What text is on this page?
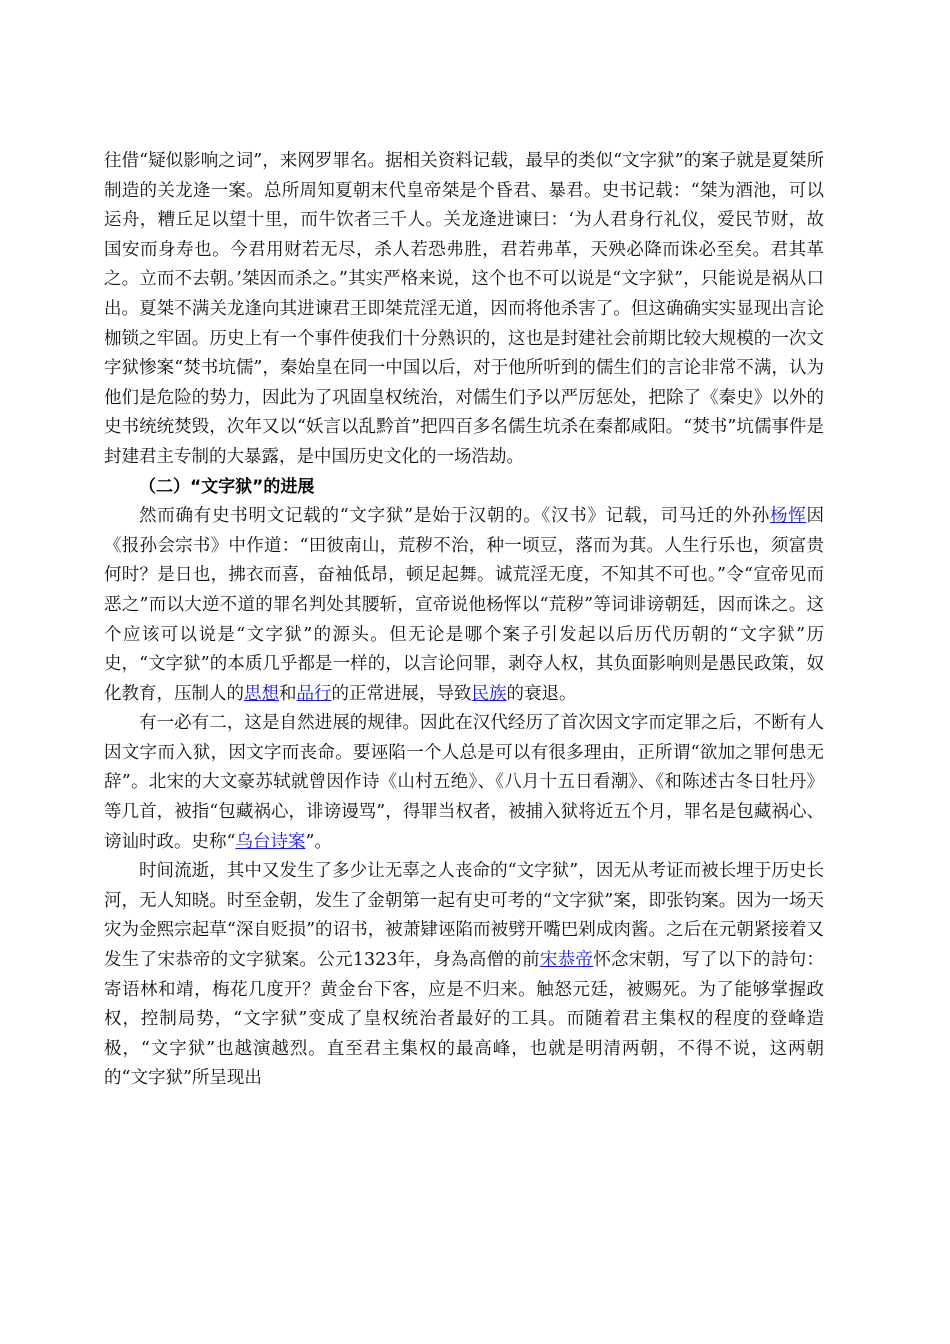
往借“疑似影响之词”，来网罗罪名。据相关资料记载，最早的类似“文字狱”的案子就是夏桀所制造的关龙逄一案。总所周知夏朝末代皇帝桀是个昏君、暴君。史书记载：“桀为酒池，可以运舟，糟丘足以望十里，而牛饮者三千人。关龙逄进谏曰：‘为人君身行礼仪，爱民节财，故国安而身寿也。今君用财若无尽，杀人若恐弗胜，君若弗革，天殃必降而诛必至矣。君其革之。立而不去朝。’桀因而杀之。”其实严格来说，这个也不可以说是“文字狱”，只能说是祸从口出。夏桀不满关龙逢向其进谏君王即桀荒淫无道，因而将他杀害了。但这确确实实显现出言论枷锁之牢固。历史上有一个事件使我们十分熟识的，这也是封建社会前期比较大规模的一次文字狱惨案“焚书坑儒”，秦始皇在同一中国以后，对于他所听到的儒生们的言论非常不满，认为他们是危险的势力，因此为了巩固皇权统治，对儒生们予以严厉惩处，把除了《秦史》以外的史书统统焚毁，次年又以“妖言以乱黔首”把四百多名儒生坑杀在秦都咸阳。“焚书”坑儒事件是封建君主专制的大暴露，是中国历史文化的一场浩劫。

（二）“文字狱”的进展

然而确有史书明文记载的“文字狱”是始于汉朝的。《汉书》记载，司马迁的外孙杨恽因《报孙会宗书》中作道：“田彼南山，荒秽不治，种一顷豆，落而为萁。人生行乐也，须富贵何时？是日也，拂衣而喜，奋袖低昂，顿足起舞。诚荒淫无度，不知其不可也。”令“宣帝见而恶之”而以大逆不道的罪名判处其腰斩，宣帝说他杨恽以“荒秽”等词诽谤朝廷，因而诛之。这个应该可以说是“文字狱”的源头。但无论是哪个案子引发起以后历代历朝的“文字狱”历史，“文字狱”的本质几乎都是一样的，以言论问罪，剥夺人权，其负面影响则是愚民政策，奴化教育，压制人的思想和品行的正常进展，导致民族的衰退。

有一必有二，这是自然进展的规律。因此在汉代经历了首次因文字而定罪之后，不断有人因文字而入狱，因文字而丧命。要诬陷一个人总是可以有很多理由，正所谓“欲加之罪何患无辞”。北宋的大文豪苏轼就曾因作诗《山村五绝》、《八月十五日看潮》、《和陈述古冬日牡丹》等几首，被指“包藏祸心，诽谤谩骂”，得罪当权者，被捕入狱将近五个月，罪名是包藏祸心、谤讪时政。史称“乌台诗案”。

时间流逝，其中又发生了多少让无辜之人丧命的“文字狱”，因无从考证而被长埋于历史长河，无人知晓。时至金朝，发生了金朝第一起有史可考的“文字狱”案，即张钧案。因为一场天灾为金熙宗起草“深自贬损”的诏书，被萧肄诬陷而被劈开嘴巴剁成肉酱。之后在元朝紧接着又发生了宋恭帝的文字狱案。公元1323年，身為高僧的前宋恭帝怀念宋朝，写了以下的詩句：寄语林和靖，梅花几度开？黄金台下客，应是不归来。触怒元廷，被赐死。为了能够掌握政权，控制局势，“文字狱”变成了皇权统治者最好的工具。而随着君主集权的程度的登峰造极，“文字狱”也越演越烈。直至君主集权的最高峰，也就是明清两朝，不得不说，这两朝的“文字狱”所呈现出
